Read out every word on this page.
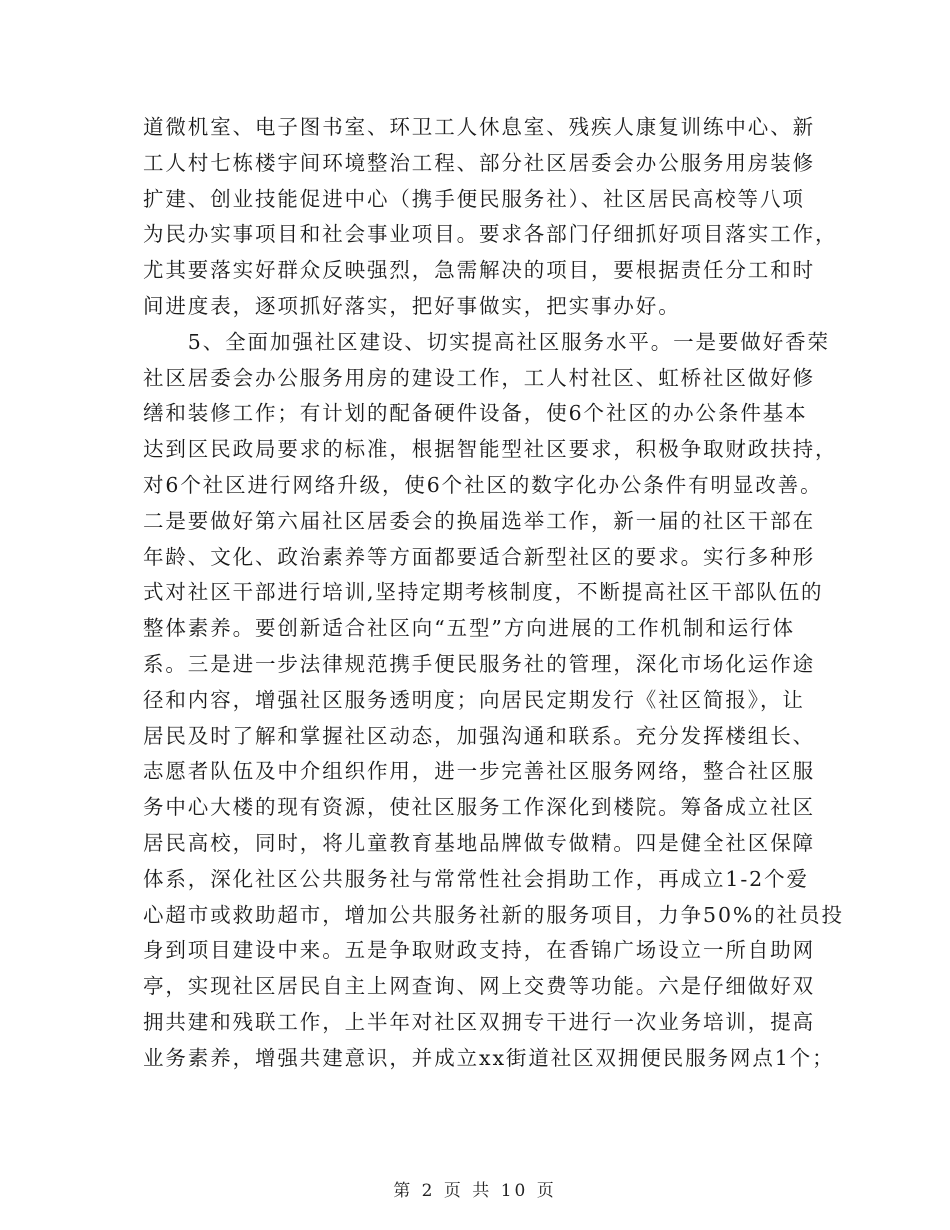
道微机室、电子图书室、环卫工人休息室、残疾人康复训练中心、新
工人村七栋楼宇间环境整治工程、部分社区居委会办公服务用房装修
扩建、创业技能促进中心（携手便民服务社）、社区居民高校等八项
为民办实事项目和社会事业项目。要求各部门仔细抓好项目落实工作，
尤其要落实好群众反映强烈，急需解决的项目，要根据责任分工和时
间进度表，逐项抓好落实，把好事做实，把实事办好。
　　5、全面加强社区建设、切实提高社区服务水平。一是要做好香荣
社区居委会办公服务用房的建设工作，工人村社区、虹桥社区做好修
缮和装修工作；有计划的配备硬件设备，使6个社区的办公条件基本
达到区民政局要求的标准，根据智能型社区要求，积极争取财政扶持，
对6个社区进行网络升级，使6个社区的数字化办公条件有明显改善。
二是要做好第六届社区居委会的换届选举工作，新一届的社区干部在
年龄、文化、政治素养等方面都要适合新型社区的要求。实行多种形
式对社区干部进行培训,坚持定期考核制度，不断提高社区干部队伍的
整体素养。要创新适合社区向“五型”方向进展的工作机制和运行体
系。三是进一步法律规范携手便民服务社的管理，深化市场化运作途
径和内容，增强社区服务透明度；向居民定期发行《社区简报》，让
居民及时了解和掌握社区动态，加强沟通和联系。充分发挥楼组长、
志愿者队伍及中介组织作用，进一步完善社区服务网络，整合社区服
务中心大楼的现有资源，使社区服务工作深化到楼院。筹备成立社区
居民高校，同时，将儿童教育基地品牌做专做精。四是健全社区保障
体系，深化社区公共服务社与常常性社会捐助工作，再成立1-2个爱
心超市或救助超市，增加公共服务社新的服务项目，力争50%的社员投
身到项目建设中来。五是争取财政支持，在香锦广场设立一所自助网
亭，实现社区居民自主上网查询、网上交费等功能。六是仔细做好双
拥共建和残联工作，上半年对社区双拥专干进行一次业务培训，提高
业务素养，增强共建意识，并成立xx街道社区双拥便民服务网点1个；
第 2 页 共 10 页
